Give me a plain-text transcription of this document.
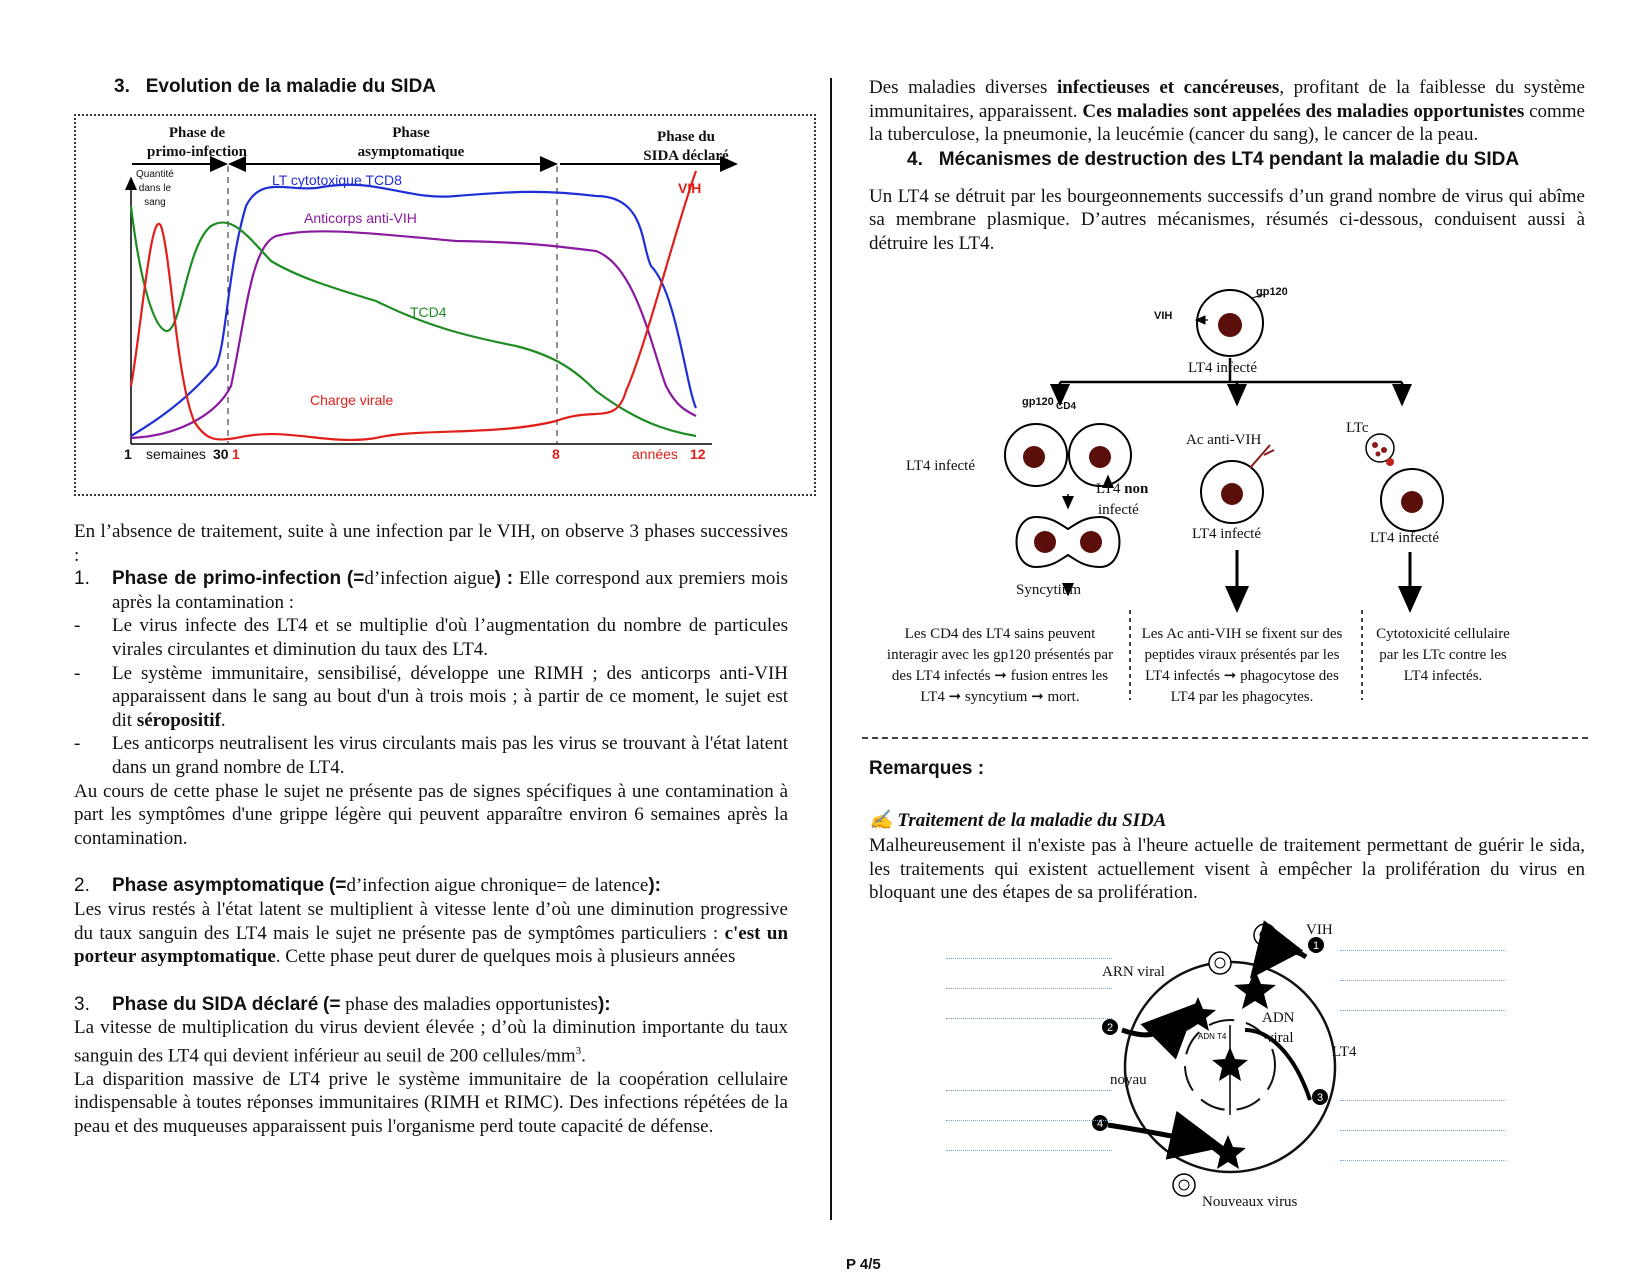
3. Evolution de la maladie du SIDA
Phase de
primo-infection
Phase
asymptomatique
Phase du
SIDA déclaré
Quantité
dans le
sang
LT cytotoxique TCD8
Anticorps anti-VIH
TCD4
Charge virale
VIH
1 semaines 30 1	8	années 12

En l’absence de traitement, suite à une infection par le VIH, on observe 3 phases successives :

1.	Phase de primo-infection (=d’infection aigue) : Elle correspond aux premiers mois après la contamination :
-	Le virus infecte des LT4 et se multiplie d'où l’augmentation du nombre de particules virales circulantes et diminution du taux des LT4.
-	Le système immunitaire, sensibilisé, développe une RIMH ; des anticorps anti-VIH apparaissent dans le sang au bout d'un à trois mois ; à partir de ce moment, le sujet est dit séropositif.
-	Les anticorps neutralisent les virus circulants mais pas les virus se trouvant à l'état latent dans un grand nombre de LT4.

Au cours de cette phase le sujet ne présente pas de signes spécifiques à une contamination à part les symptômes d'une grippe légère qui peuvent apparaître environ 6 semaines après la contamination.

2.	Phase asymptomatique (=d’infection aigue chronique= de latence):

Les virus restés à l'état latent se multiplient à vitesse lente d’où une diminution progressive du taux sanguin des LT4 mais le sujet ne présente pas de symptômes particuliers : c'est un porteur asymptomatique. Cette phase peut durer de quelques mois à plusieurs années

3.	Phase du SIDA déclaré (= phase des maladies opportunistes):

La vitesse de multiplication du virus devient élevée ; d’où la diminution importante du taux sanguin des LT4 qui devient inférieur au seuil de 200 cellules/$mm^3$.

La disparition massive de LT4 prive le système immunitaire de la coopération cellulaire indispensable à toutes réponses immunitaires (RIMH et RIMC). Des infections répétées de la peau et des muqueuses apparaissent puis l'organisme perd toute capacité de défense.

Des maladies diverses infectieuses et cancéreuses, profitant de la faiblesse du système immunitaires, apparaissent. Ces maladies sont appelées des maladies opportunistes comme la tuberculose, la pneumonie, la leucémie (cancer du sang), le cancer de la peau.

4. Mécanismes de destruction des LT4 pendant la maladie du SIDA

Un LT4 se détruit par les bourgeonnements successifs d’un grand nombre de virus qui abîme sa membrane plasmique. D’autres mécanismes, résumés ci-dessous, conduisent aussi à détruire les LT4.

VIH
gp120
LT4 infecté
gp120 CD4
LT4 infecté
LT4 non
infecté
Syncytium
Ac anti-VIH
LT4 infecté
LTc
LT4 infecté
Les CD4 des LT4 sains peuvent interagir avec les gp120 présentés par des LT4 infectés ➞ fusion entres les LT4 ➞ syncytium ➞ mort.
Les Ac anti-VIH se fixent sur des peptides viraux présentés par les LT4 infectés ➞ phagocytose des LT4 par les phagocytes.
Cytotoxicité cellulaire par les LTc contre les LT4 infectés.
Remarques :
✍ Traitement de la maladie du SIDA

Malheureusement il n'existe pas à l'heure actuelle de traitement permettant de guérir le sida, les traitements qui existent actuellement visent à empêcher la prolifération du virus en bloquant une des étapes de sa prolifération.

1
2
3
4
ADN T4
VIH
ARN viral
ADN
viral
LT4
noyau
Nouveaux virus
P 4/5
